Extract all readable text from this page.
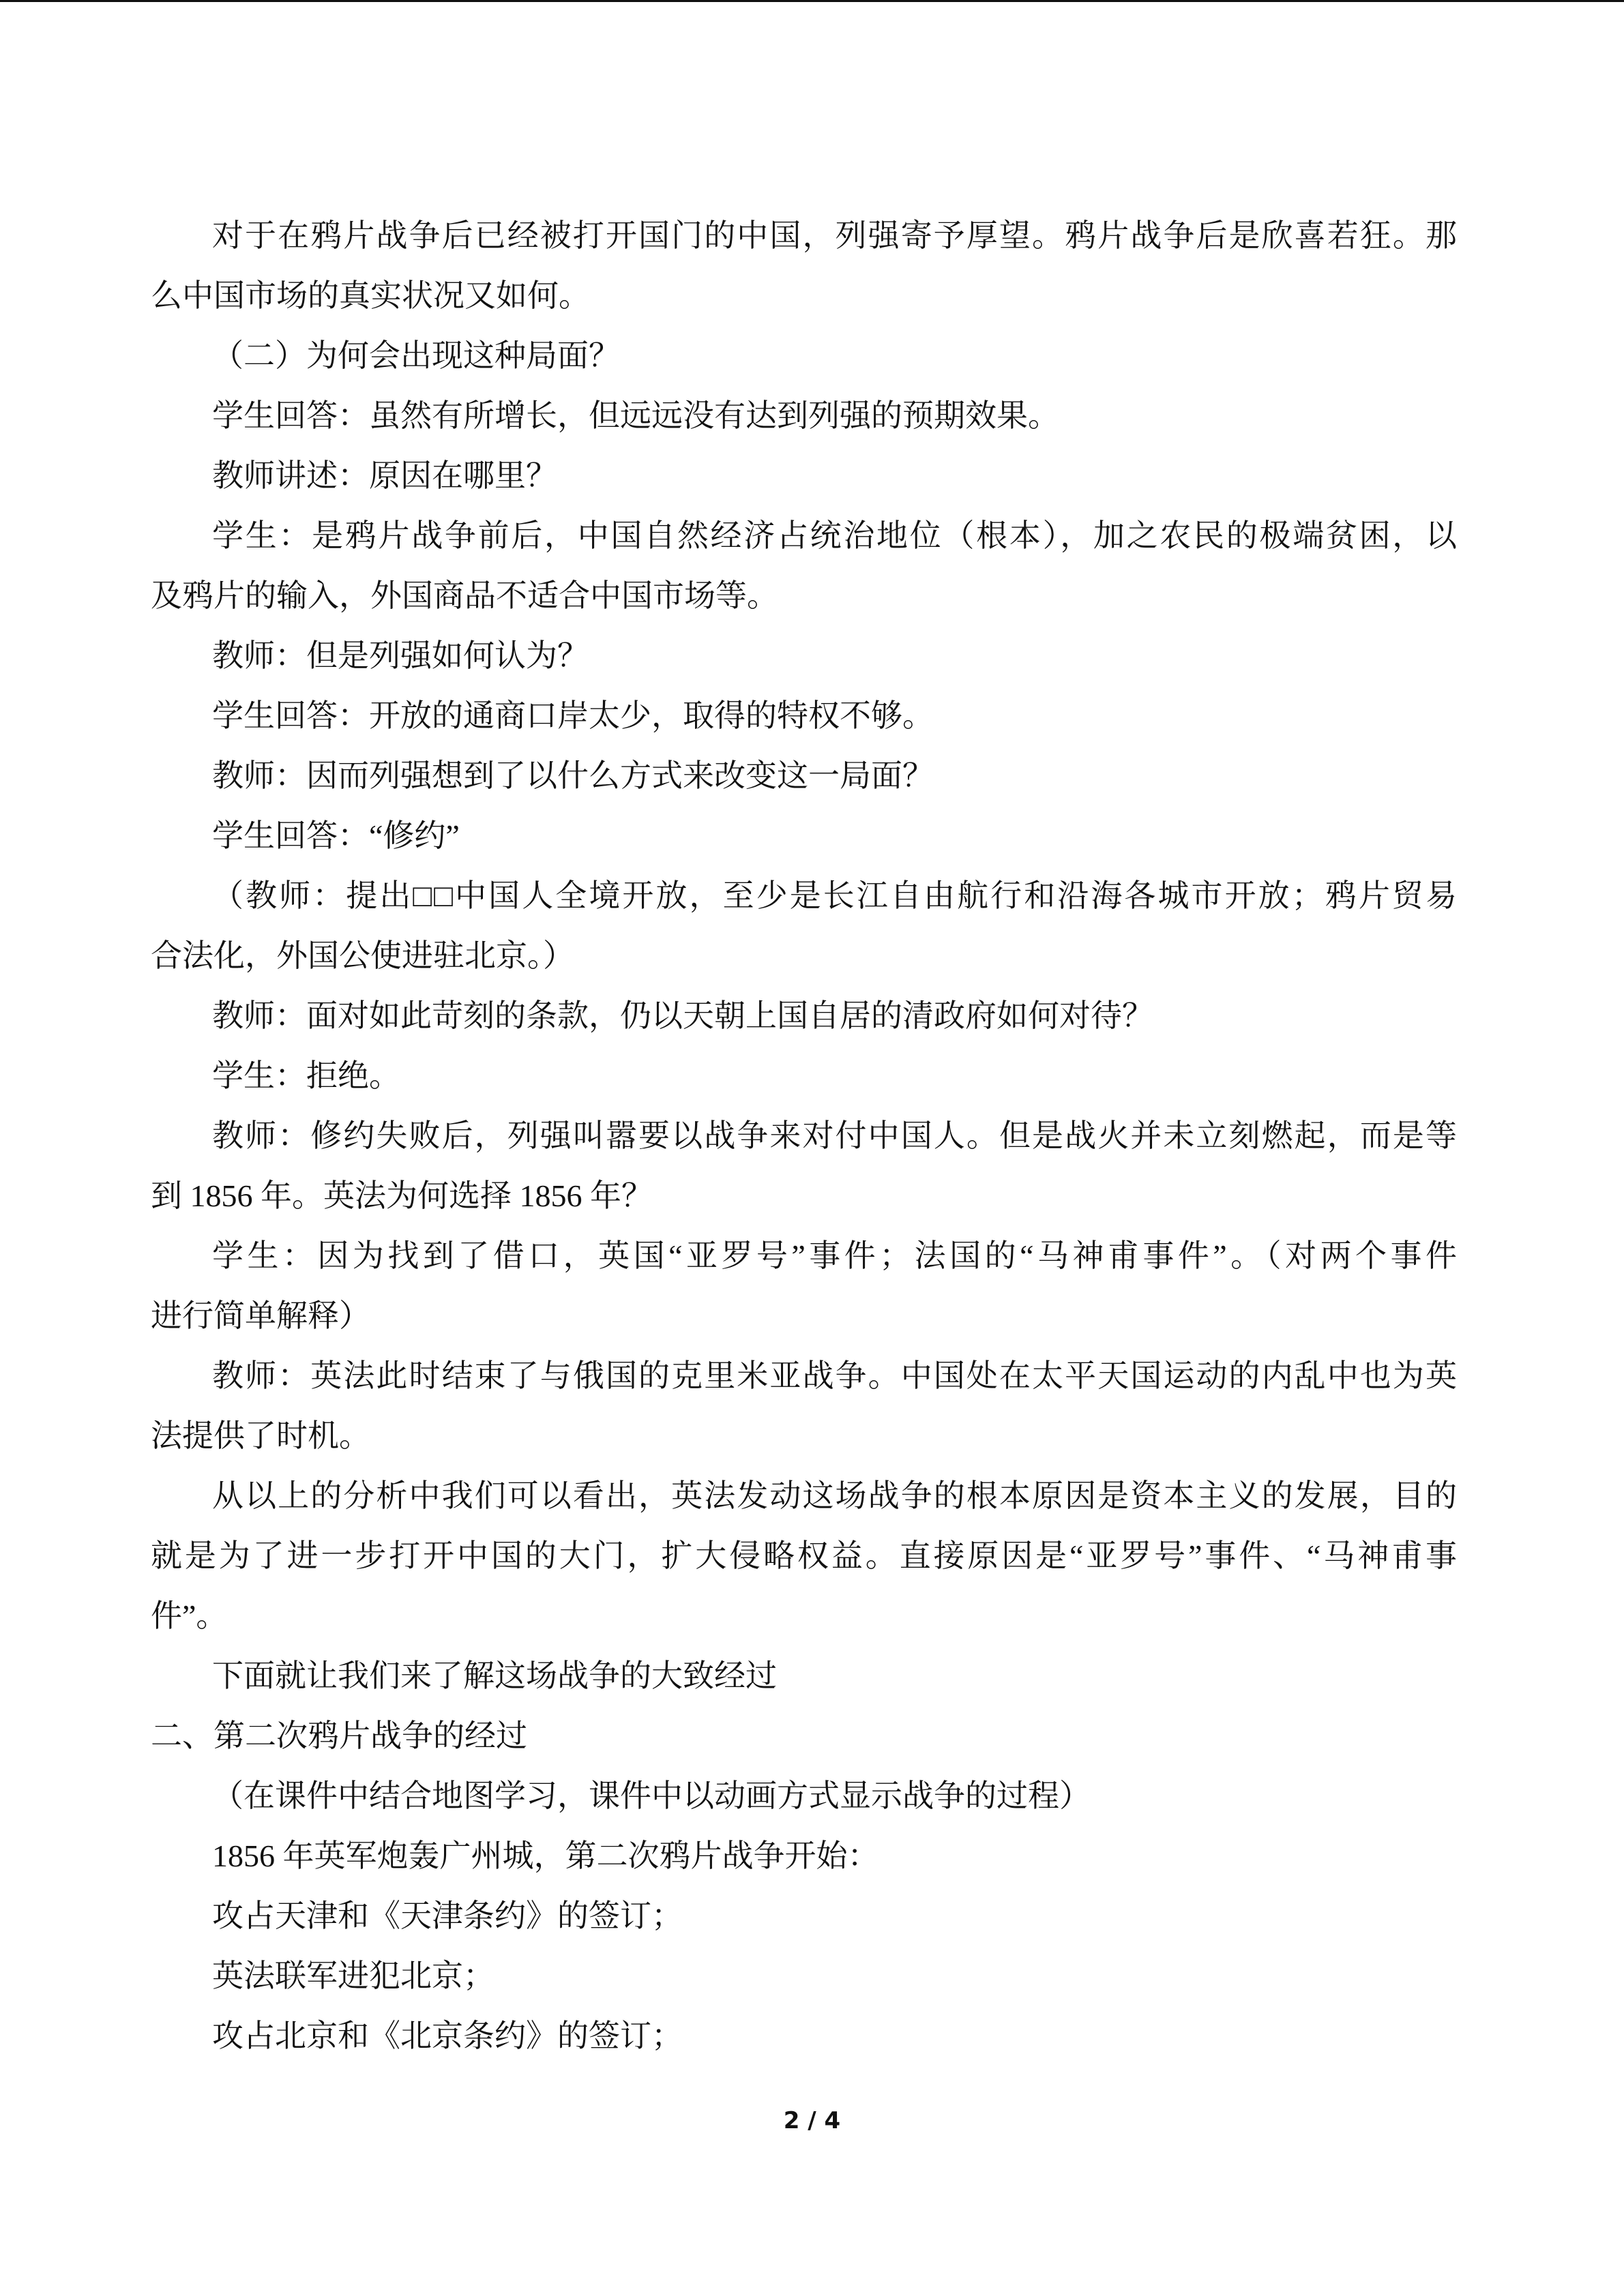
对于在鸦片战争后已经被打开国门的中国，列强寄予厚望。鸦片战争后是欣喜若狂。那
么中国市场的真实状况又如何。
（二）为何会出现这种局面？
学生回答：虽然有所增长，但远远没有达到列强的预期效果。
教师讲述：原因在哪里？
学生：是鸦片战争前后，中国自然经济占统治地位（根本），加之农民的极端贫困，以
及鸦片的输入，外国商品不适合中国市场等。
教师：但是列强如何认为？
学生回答：开放的通商口岸太少，取得的特权不够。
教师：因而列强想到了以什么方式来改变这一局面？
学生回答：“修约”
（教师：提出□□中国人全境开放，至少是长江自由航行和沿海各城市开放；鸦片贸易
合法化，外国公使进驻北京。）
教师：面对如此苛刻的条款，仍以天朝上国自居的清政府如何对待？
学生：拒绝。
教师：修约失败后，列强叫嚣要以战争来对付中国人。但是战火并未立刻燃起，而是等
到 1856 年。英法为何选择 1856 年？
学生：因为找到了借口，英国“亚罗号”事件；法国的“马神甫事件”。（对两个事件
进行简单解释）
教师：英法此时结束了与俄国的克里米亚战争。中国处在太平天国运动的内乱中也为英
法提供了时机。
从以上的分析中我们可以看出，英法发动这场战争的根本原因是资本主义的发展，目的
就是为了进一步打开中国的大门，扩大侵略权益。直接原因是“亚罗号”事件、“马神甫事
件”。
下面就让我们来了解这场战争的大致经过
二、第二次鸦片战争的经过
（在课件中结合地图学习，课件中以动画方式显示战争的过程）
1856 年英军炮轰广州城，第二次鸦片战争开始：
攻占天津和《天津条约》的签订；
英法联军进犯北京；
攻占北京和《北京条约》的签订；
2 / 4
